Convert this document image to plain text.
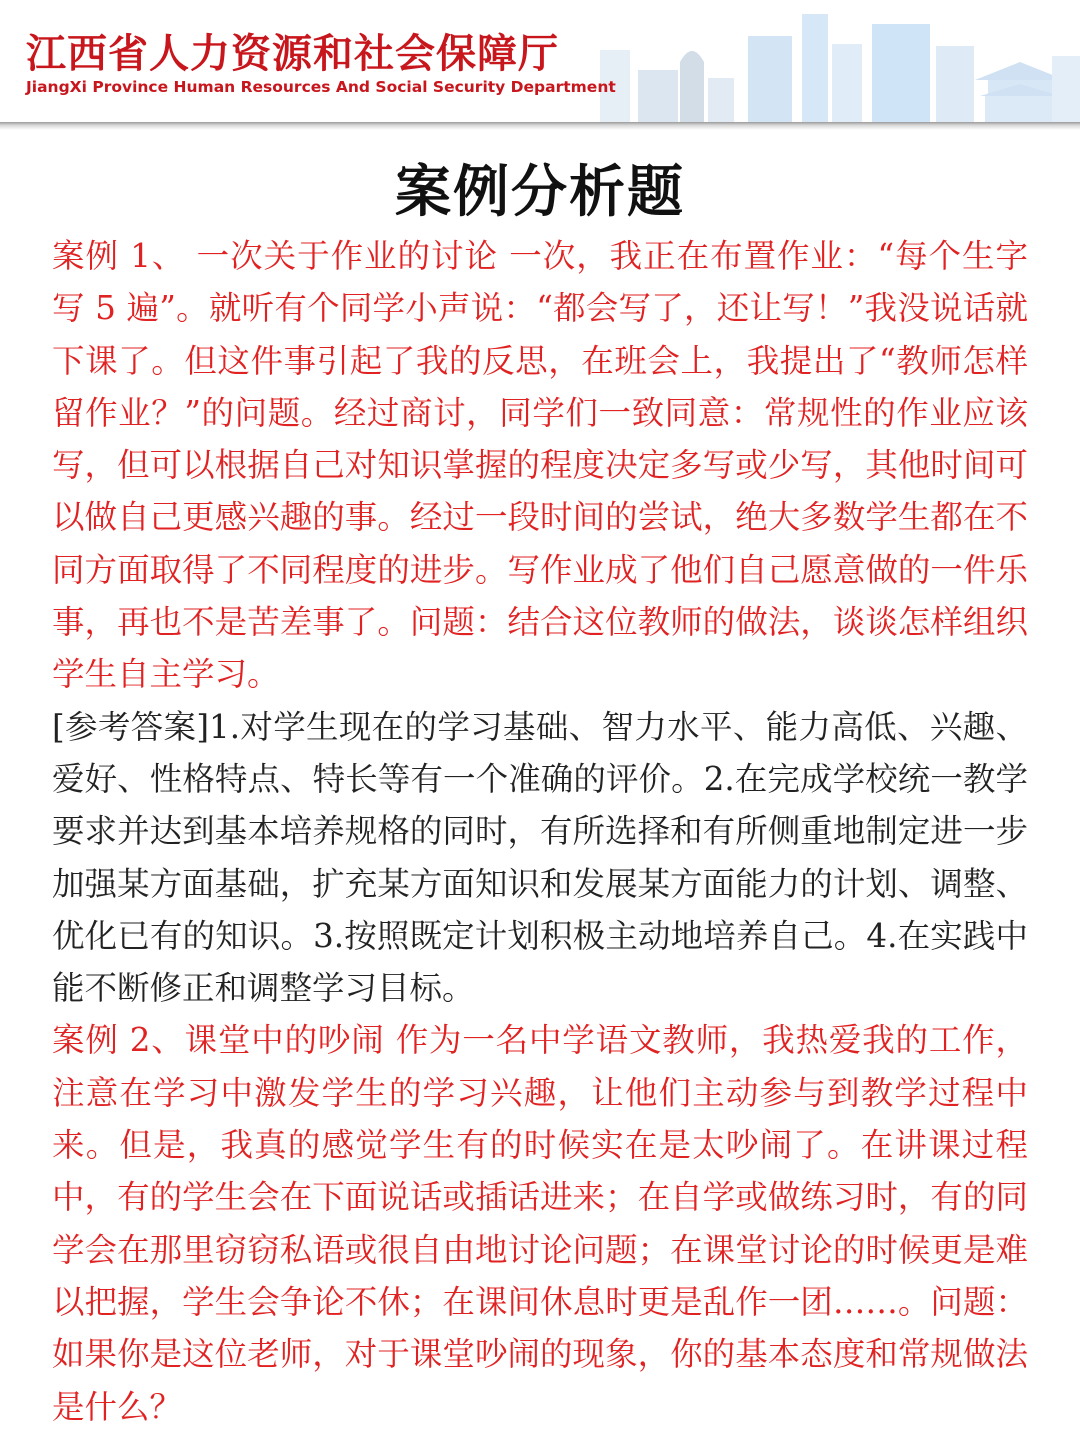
江西省人力资源和社会保障厅
JiangXi Province Human Resources And Social Security Department
案例分析题

案例 1、 一次关于作业的讨论 一次，我正在布置作业：“每个生字写 5 遍”。就听有个同学小声说：“都会写了，还让写！”我没说话就下课了。但这件事引起了我的反思，在班会上，我提出了“教师怎样留作业？”的问题。经过商讨，同学们一致同意：常规性的作业应该写，但可以根据自己对知识掌握的程度决定多写或少写，其他时间可以做自己更感兴趣的事。经过一段时间的尝试，绝大多数学生都在不同方面取得了不同程度的进步。写作业成了他们自己愿意做的一件乐事，再也不是苦差事了。问题：结合这位教师的做法，谈谈怎样组织学生自主学习。

[参考答案]1.对学生现在的学习基础、智力水平、能力高低、兴趣、爱好、性格特点、特长等有一个准确的评价。2.在完成学校统一教学要求并达到基本培养规格的同时，有所选择和有所侧重地制定进一步加强某方面基础，扩充某方面知识和发展某方面能力的计划、调整、优化已有的知识。3.按照既定计划积极主动地培养自己。4.在实践中能不断修正和调整学习目标。

案例 2、课堂中的吵闹 作为一名中学语文教师，我热爱我的工作，注意在学习中激发学生的学习兴趣，让他们主动参与到教学过程中来。但是，我真的感觉学生有的时候实在是太吵闹了。在讲课过程中，有的学生会在下面说话或插话进来；在自学或做练习时，有的同学会在那里窃窃私语或很自由地讨论问题；在课堂讨论的时候更是难以把握，学生会争论不休；在课间休息时更是乱作一团……。问题：如果你是这位老师，对于课堂吵闹的现象，你的基本态度和常规做法是什么？
